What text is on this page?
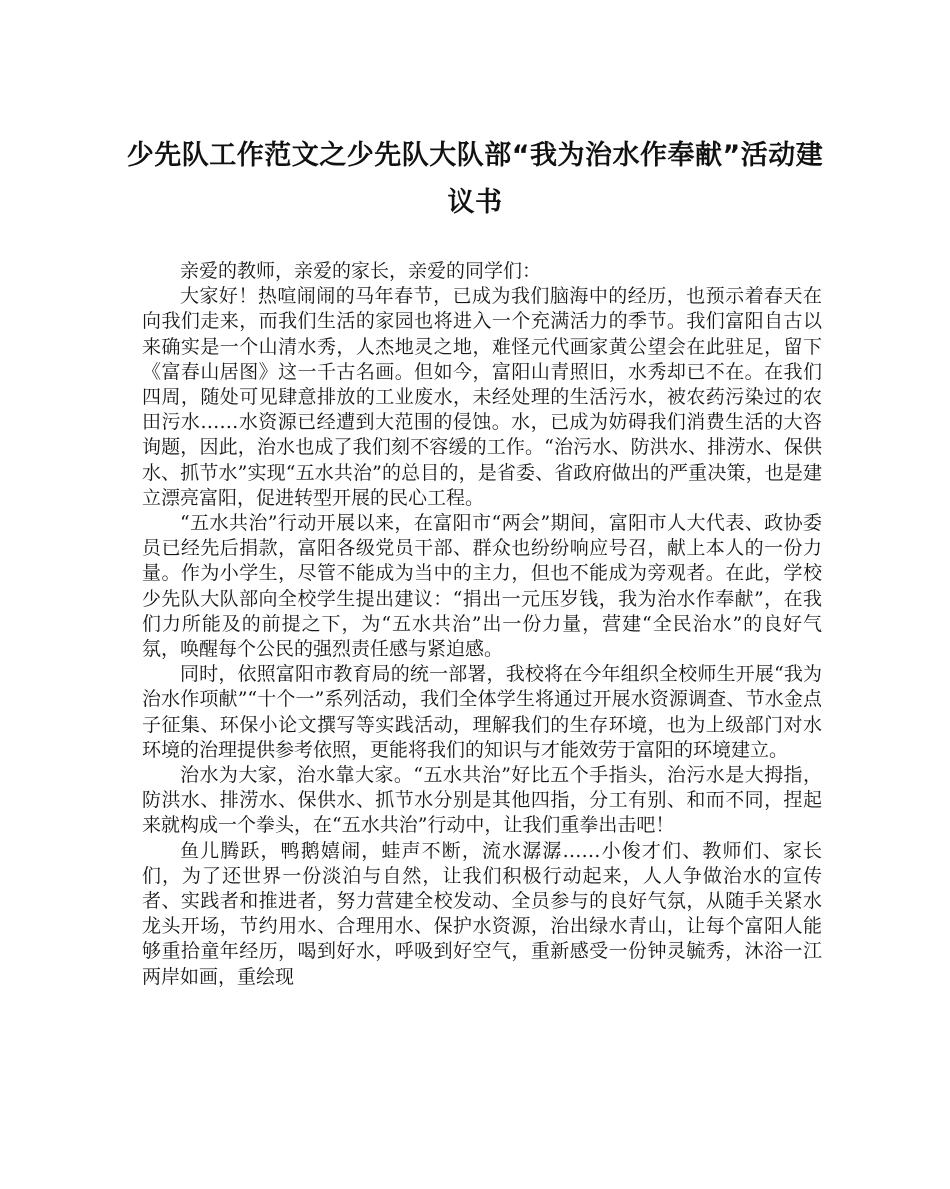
少先队工作范文之少先队大队部“我为治水作奉献”活动建议书

亲爱的教师，亲爱的家长，亲爱的同学们：

大家好！热喧闹闹的马年春节，已成为我们脑海中的经历，也预示着春天在向我们走来，而我们生活的家园也将进入一个充满活力的季节。我们富阳自古以来确实是一个山清水秀，人杰地灵之地，难怪元代画家黄公望会在此驻足，留下《富春山居图》这一千古名画。但如今，富阳山青照旧，水秀却已不在。在我们四周，随处可见肆意排放的工业废水，未经处理的生活污水，被农药污染过的农田污水……水资源已经遭到大范围的侵蚀。水，已成为妨碍我们消费生活的大咨询题，因此，治水也成了我们刻不容缓的工作。“治污水、防洪水、排涝水、保供水、抓节水”实现“五水共治”的总目的，是省委、省政府做出的严重决策，也是建立漂亮富阳，促进转型开展的民心工程。

“五水共治”行动开展以来，在富阳市“两会”期间，富阳市人大代表、政协委员已经先后捐款，富阳各级党员干部、群众也纷纷响应号召，献上本人的一份力量。作为小学生，尽管不能成为当中的主力，但也不能成为旁观者。在此，学校少先队大队部向全校学生提出建议：“捐出一元压岁钱，我为治水作奉献”，在我们力所能及的前提之下，为“五水共治”出一份力量，营建“全民治水”的良好气氛，唤醒每个公民的强烈责任感与紧迫感。

同时，依照富阳市教育局的统一部署，我校将在今年组织全校师生开展“我为治水作项献”“十个一”系列活动，我们全体学生将通过开展水资源调查、节水金点子征集、环保小论文撰写等实践活动，理解我们的生存环境，也为上级部门对水环境的治理提供参考依照，更能将我们的知识与才能效劳于富阳的环境建立。

治水为大家，治水靠大家。“五水共治”好比五个手指头，治污水是大拇指，防洪水、排涝水、保供水、抓节水分别是其他四指，分工有别、和而不同，捏起来就构成一个拳头，在“五水共治”行动中，让我们重拳出击吧！

鱼儿腾跃，鸭鹅嬉闹，蛙声不断，流水潺潺……小俊才们、教师们、家长们，为了还世界一份淡泊与自然，让我们积极行动起来，人人争做治水的宣传者、实践者和推进者，努力营建全校发动、全员参与的良好气氛，从随手关紧水龙头开场，节约用水、合理用水、保护水资源，治出绿水青山，让每个富阳人能够重拾童年经历，喝到好水，呼吸到好空气，重新感受一份钟灵毓秀，沐浴一江两岸如画，重绘现
